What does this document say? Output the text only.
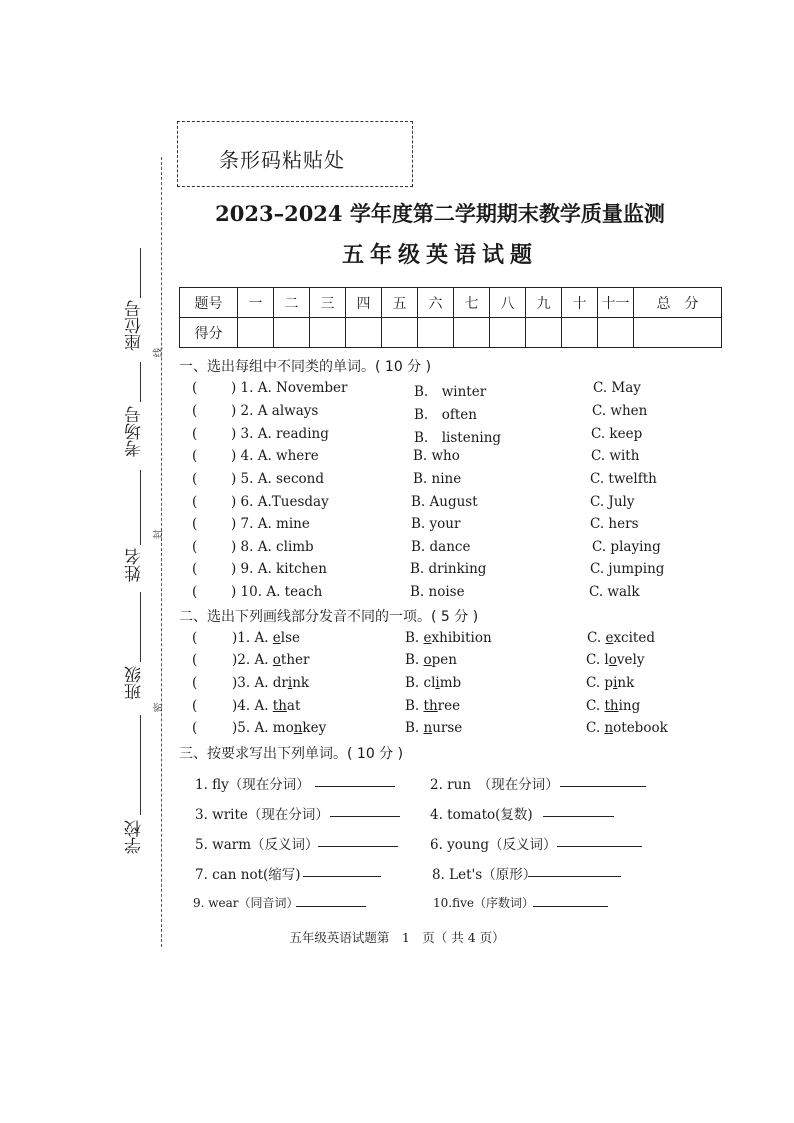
条形码粘贴处
2023–2024 学年度第二学期期末教学质量监测
五年级英语试题
题号	一	二	三	四	五	六	七	八	九	十	十一	总　分
得分												
线
封
密
座位号
考场号
姓名
班级
学校
一、选出每组中不同类的单词。( 10 分 )
( ) 1. A. November	B.　winter	C. May
( ) 2. A always	B.　often	C. when
( ) 3. A. reading	B.　listening	C. keep
( ) 4. A. where	B. who	C. with
( ) 5. A. second	B. nine	C. twelfth
( ) 6. A.Tuesday	B. August	C. July
( ) 7. A. mine	B. your	C. hers
( ) 8. A. climb	B. dance	C. playing
( ) 9. A. kitchen	B. drinking	C. jumping
( ) 10. A. teach	B. noise	C. walk
二、选出下列画线部分发音不同的一项。( 5 分 )
(	)1. A. else	B. exhibition	C. excited
(	)2. A. other	B. open	C. lovely
(	)3. A. drink	B. climb	C. pink
(	)4. A. that	B. three	C. thing
(	)5. A. monkey	B. nurse	C. notebook
三、按要求写出下列单词。( 10 分 )
1. fly（现在分词）	2. run　（现在分词）
3. write（现在分词）	4. tomato(复数)
5. warm（反义词）	6. young（反义词）
7. can not(缩写)	8. Let's（原形）
9. wear（同音词）	10.five（序数词）
五年级英语试题第　1　页（ 共 4 页）
